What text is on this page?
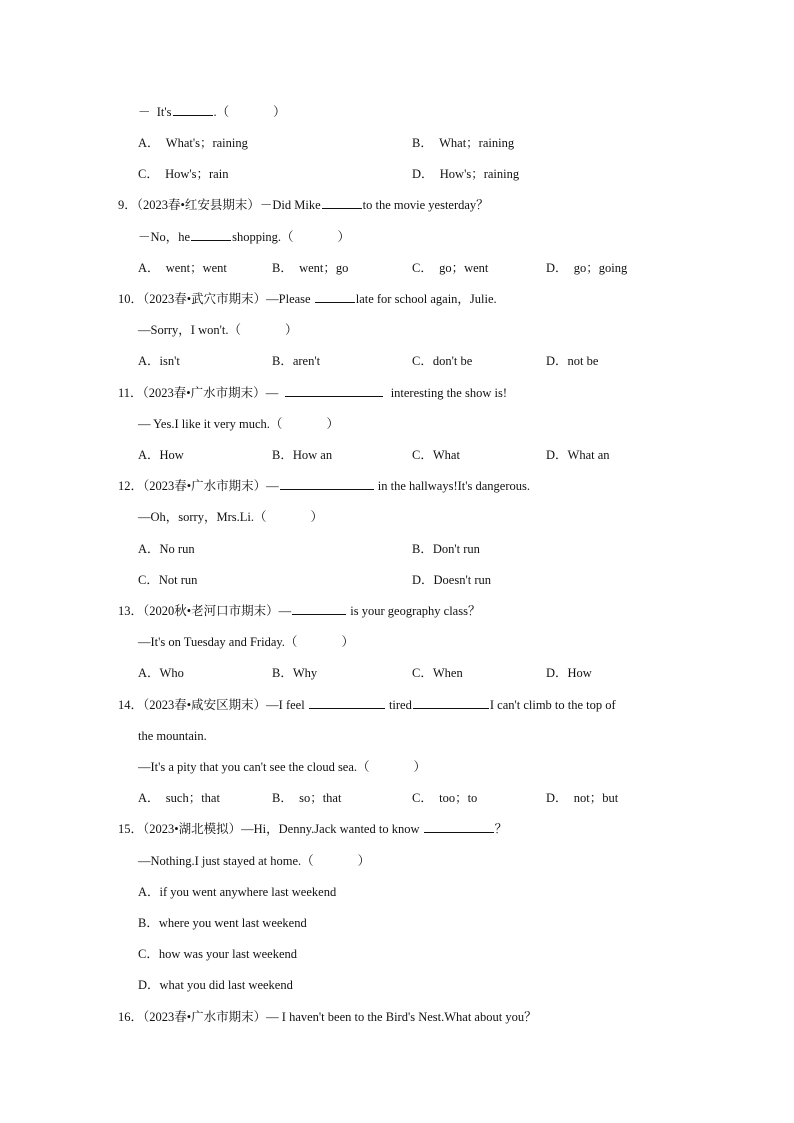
－ It's	.（	）
A． What's；raining	B． What；raining
C． How's；rain	D． How's；raining
9．（2023春•红安县期末）－Did Mike	to the movie yesterday？
－No，he	shopping.（	）
A． went；went	B． went；go	C． go；went	D． go；going
10．（2023春•武穴市期末）—Please	late for school again，Julie.
—Sorry，I won't.（	）
A．isn't	B．aren't	C．don't be	D．not be
11．（2023春•广水市期末）—	interesting the show is!
— Yes.I like it very much.（	）
A．How	B．How an	C．What	D．What an
12．（2023春•广水市期末）—	in the hallways!It's dangerous.
—Oh，sorry，Mrs.Li.（	）
A．No run	B．Don't run
C．Not run	D．Doesn't run
13．（2020秋•老河口市期末）—	is your geography class？
—It's on Tuesday and Friday.（	）
A．Who	B．Why	C．When	D．How
14．（2023春•咸安区期末）—I feel	tired	I can't climb to the top of
the mountain.
—It's a pity that you can't see the cloud sea.（	）
A． such；that	B． so；that	C． too；to	D． not；but
15．（2023•湖北模拟）—Hi，Denny.Jack wanted to know	？
—Nothing.I just stayed at home.（	）
A．if you went anywhere last weekend
B．where you went last weekend
C．how was your last weekend
D．what you did last weekend
16．（2023春•广水市期末）— I haven't been to the Bird's Nest.What about you？
